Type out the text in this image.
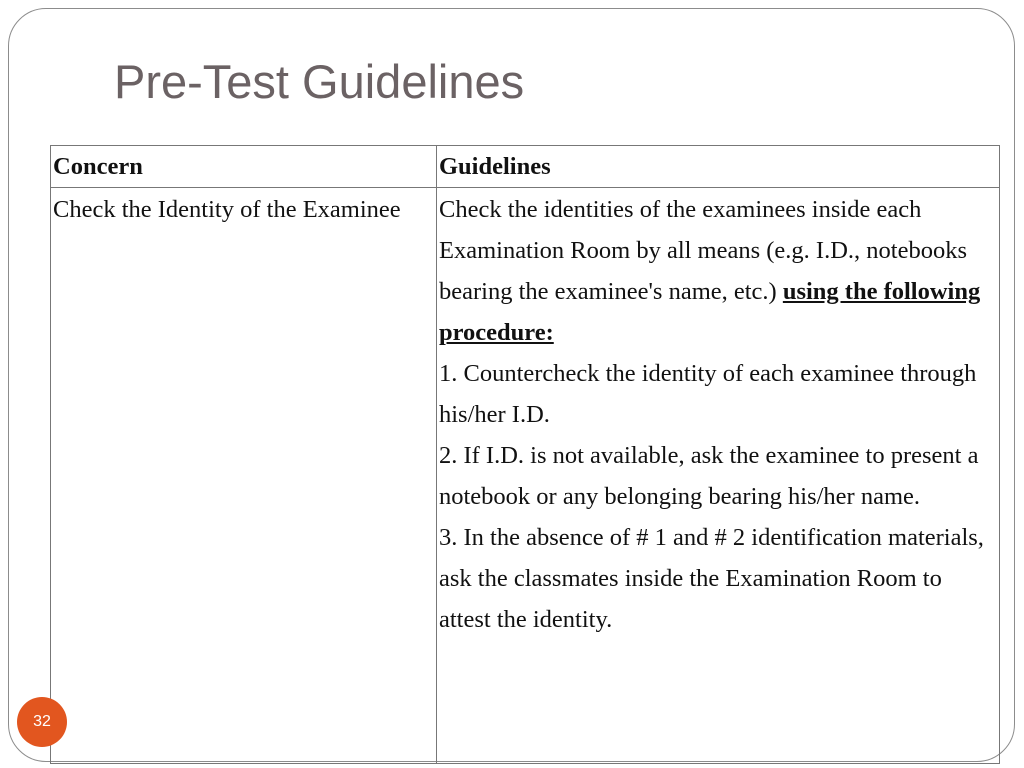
Pre-Test Guidelines
Concern	Guidelines
Check the Identity of the Examinee	Check the identities of the examinees inside each Examination Room by all means (e.g. I.D., notebooks bearing the examinee's name, etc.) using the following procedure:
1. Countercheck the identity of each examinee through his/her I.D.
2. If I.D. is not available, ask the examinee to present a notebook or any belonging bearing his/her name.
3. In the absence of # 1 and # 2 identification materials, ask the classmates inside the Examination Room to attest the identity.
32
